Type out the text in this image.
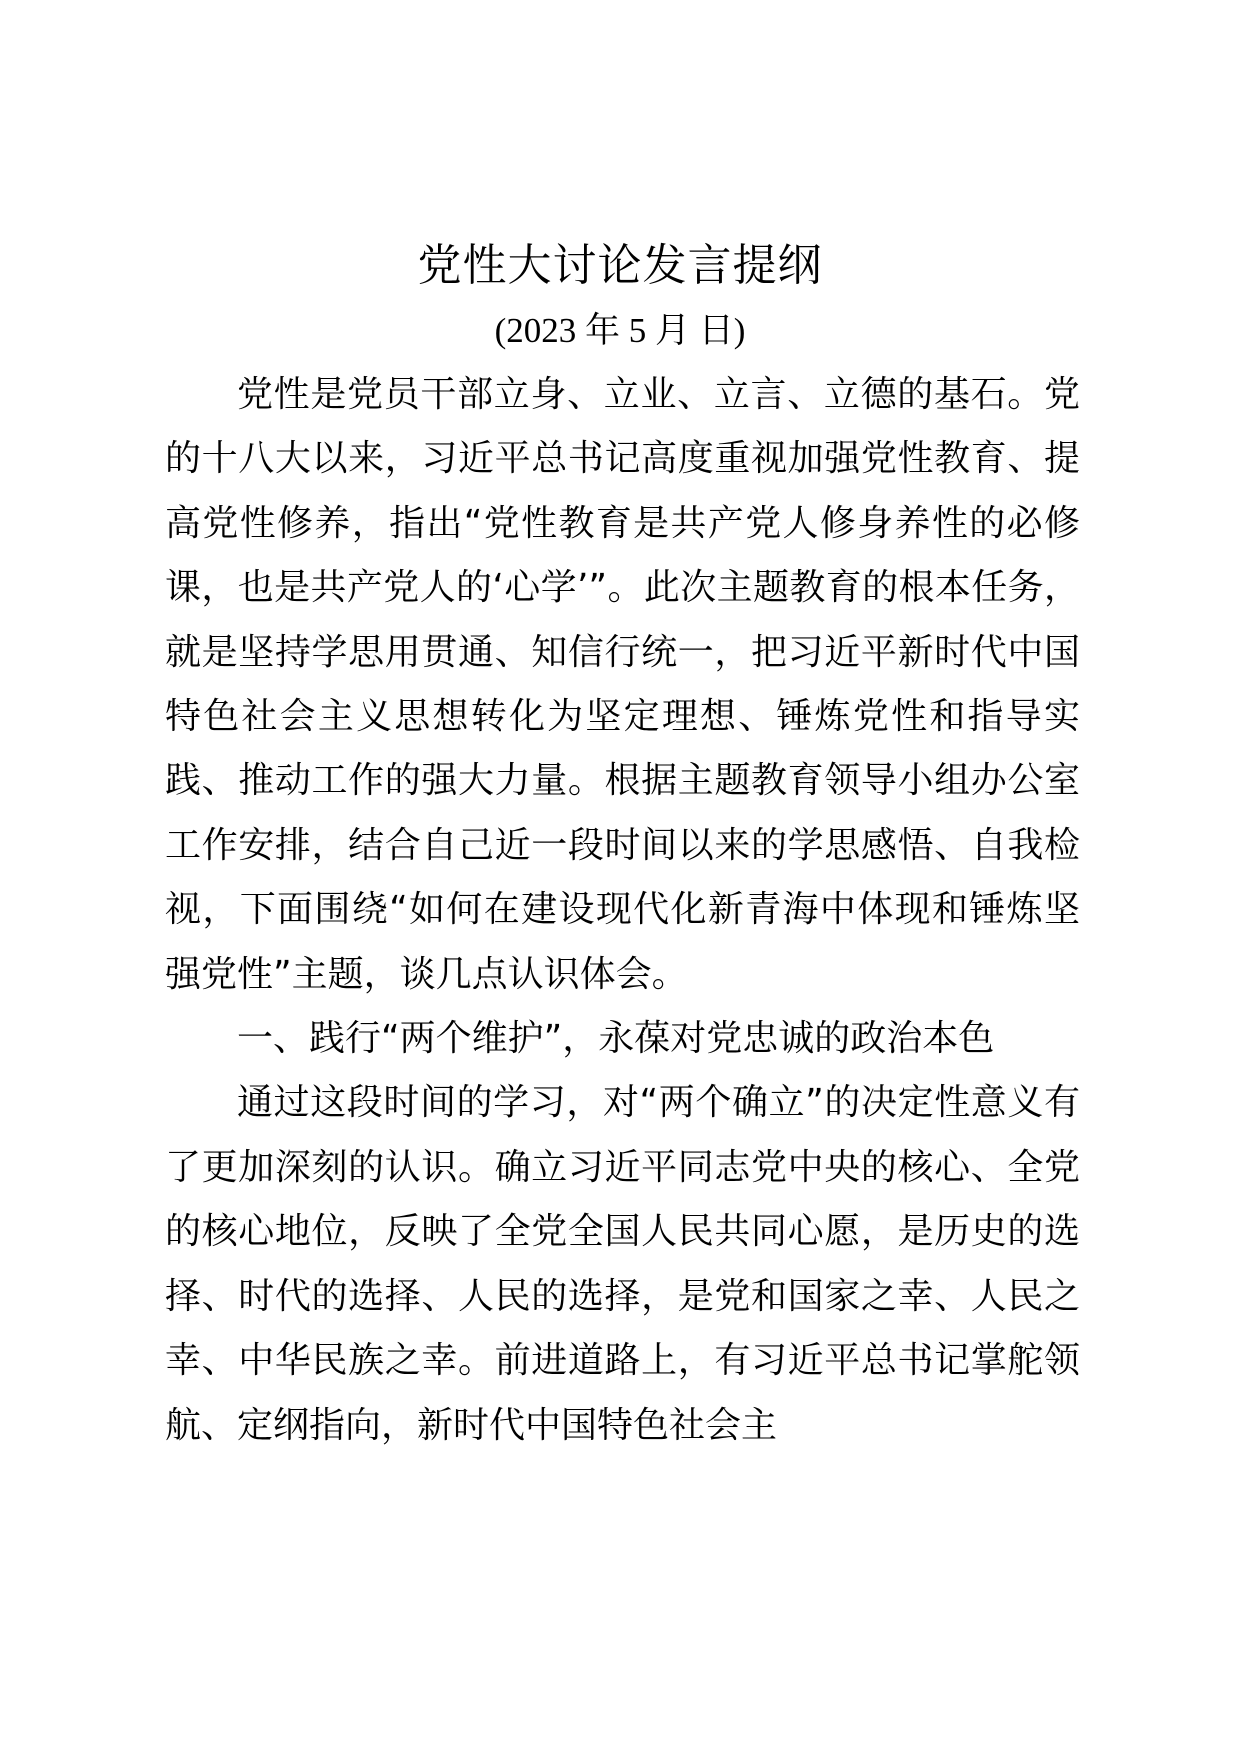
党性大讨论发言提纲
(2023 年 5 月 日)

党性是党员干部立身、立业、立言、立德的基石。党的十八大以来，习近平总书记高度重视加强党性教育、提高党性修养，指出“党性教育是共产党人修身养性的必修课，也是共产党人的‘心学’”。此次主题教育的根本任务，就是坚持学思用贯通、知信行统一，把习近平新时代中国特色社会主义思想转化为坚定理想、锤炼党性和指导实践、推动工作的强大力量。根据主题教育领导小组办公室工作安排，结合自己近一段时间以来的学思感悟、自我检视，下面围绕“如何在建设现代化新青海中体现和锤炼坚强党性”主题，谈几点认识体会。

一、践行“两个维护”，永葆对党忠诚的政治本色

通过这段时间的学习，对“两个确立”的决定性意义有了更加深刻的认识。确立习近平同志党中央的核心、全党的核心地位，反映了全党全国人民共同心愿，是历史的选择、时代的选择、人民的选择，是党和国家之幸、人民之幸、中华民族之幸。前进道路上，有习近平总书记掌舵领航、定纲指向，新时代中国特色社会主
